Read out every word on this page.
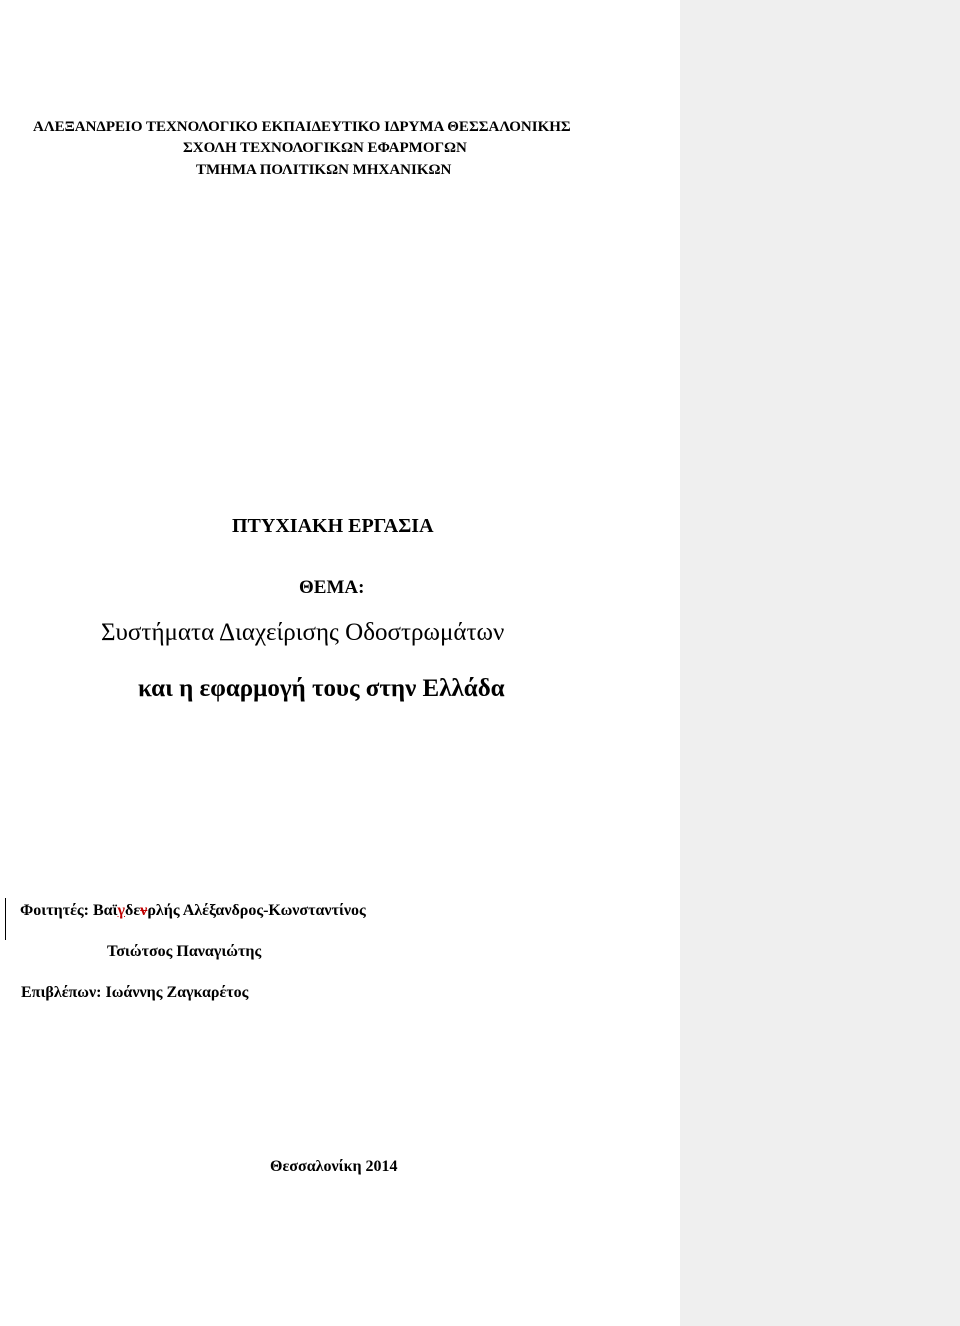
ΑΛΕΞΑΝΔΡΕΙΟ ΤΕΧΝΟΛΟΓΙΚΟ ΕΚΠΑΙΔΕΥΤΙΚΟ ΙΔΡΥΜΑ ΘΕΣΣΑΛΟΝΙΚΗΣ
ΣΧΟΛΗ ΤΕΧΝΟΛΟΓΙΚΩΝ ΕΦΑΡΜΟΓΩΝ
ΤΜΗΜΑ ΠΟΛΙΤΙΚΩΝ ΜΗΧΑΝΙΚΩΝ
ΠΤΥΧΙΑΚΗ ΕΡΓΑΣΙΑ
ΘΕΜΑ:
Συστήματα Διαχείρισης Οδοστρωμάτων
και η εφαρμογή τους στην Ελλάδα
Φοιτητές: Βαϊγδενρλής Αλέξανδρος-Κωνσταντίνος
Τσιώτσος Παναγιώτης
Επιβλέπων: Ιωάννης Ζαγκαρέτος
Θεσσαλονίκη 2014
